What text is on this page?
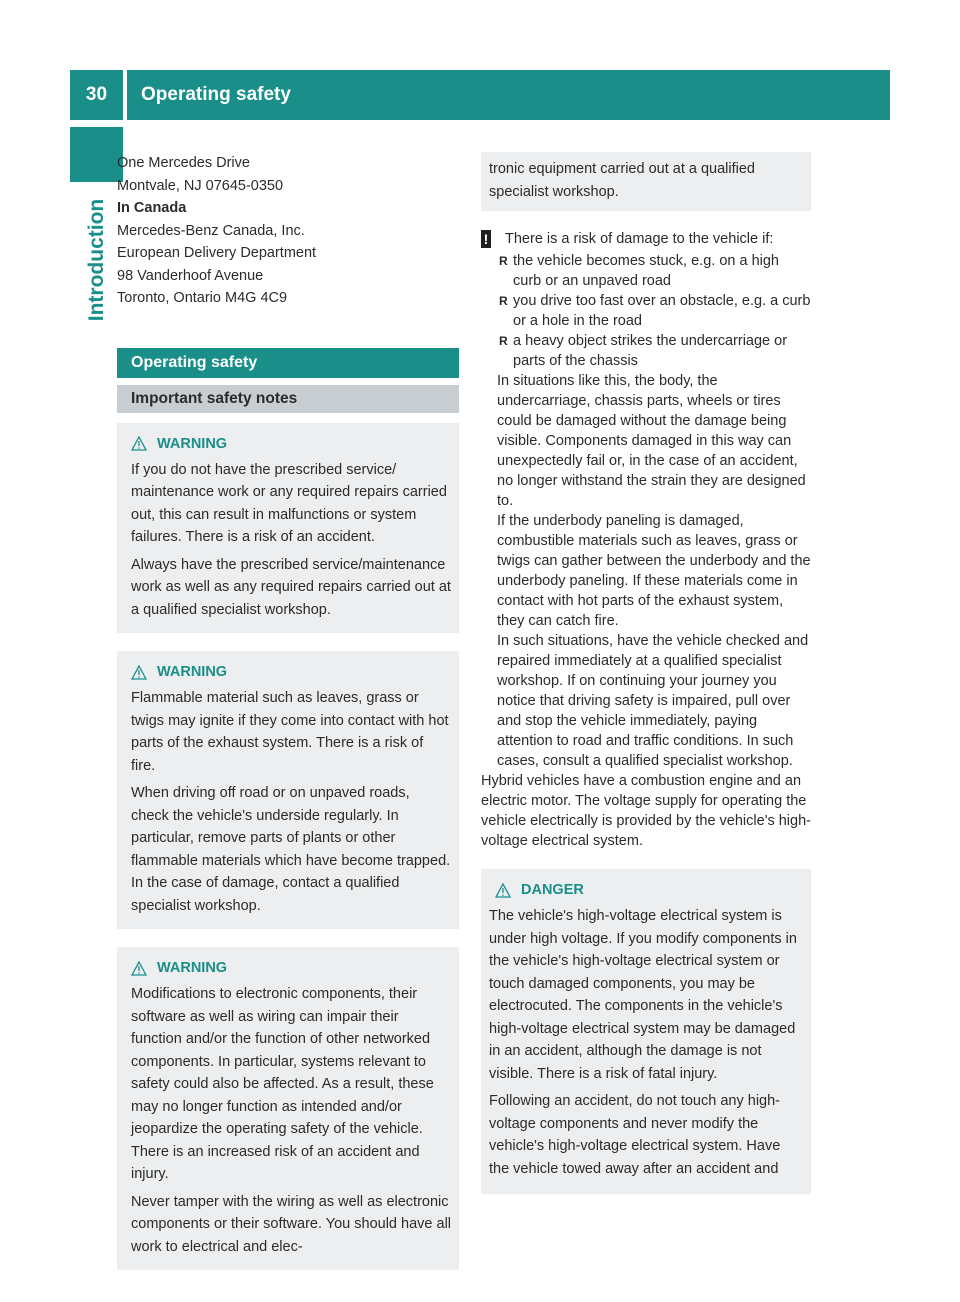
30	Operating safety
Introduction

One Mercedes Drive

Montvale, NJ 07645-0350

In Canada

Mercedes-Benz Canada, Inc.

European Delivery Department

98 Vanderhoof Avenue

Toronto, Ontario M4G 4C9

Operating safety
Important safety notes
WARNING

If you do not have the prescribed service/ maintenance work or any required repairs carried out, this can result in malfunctions or system failures. There is a risk of an accident.

Always have the prescribed service/maintenance work as well as any required repairs carried out at a qualified specialist workshop.

WARNING

Flammable material such as leaves, grass or twigs may ignite if they come into contact with hot parts of the exhaust system. There is a risk of fire.

When driving off road or on unpaved roads, check the vehicle's underside regularly. In particular, remove parts of plants or other flammable materials which have become trapped. In the case of damage, contact a qualified specialist workshop.

WARNING

Modifications to electronic components, their software as well as wiring can impair their function and/or the function of other networked components. In particular, systems relevant to safety could also be affected. As a result, these may no longer function as intended and/or jeopardize the operating safety of the vehicle. There is an increased risk of an accident and injury.

Never tamper with the wiring as well as electronic components or their software. You should have all work to electrical and elec-

tronic equipment carried out at a qualified specialist workshop.

! There is a risk of damage to the vehicle if:
R the vehicle becomes stuck, e.g. on a high curb or an unpaved road
R you drive too fast over an obstacle, e.g. a curb or a hole in the road
R a heavy object strikes the undercarriage or parts of the chassis

In situations like this, the body, the undercarriage, chassis parts, wheels or tires could be damaged without the damage being visible. Components damaged in this way can unexpectedly fail or, in the case of an accident, no longer withstand the strain they are designed to.

If the underbody paneling is damaged, combustible materials such as leaves, grass or twigs can gather between the underbody and the underbody paneling. If these materials come in contact with hot parts of the exhaust system, they can catch fire.

In such situations, have the vehicle checked and repaired immediately at a qualified specialist workshop. If on continuing your journey you notice that driving safety is impaired, pull over and stop the vehicle immediately, paying attention to road and traffic conditions. In such cases, consult a qualified specialist workshop.

Hybrid vehicles have a combustion engine and an electric motor. The voltage supply for operating the vehicle electrically is provided by the vehicle's high-voltage electrical system.

DANGER

The vehicle's high-voltage electrical system is under high voltage. If you modify components in the vehicle's high-voltage electrical system or touch damaged components, you may be electrocuted. The components in the vehicle's high-voltage electrical system may be damaged in an accident, although the damage is not visible. There is a risk of fatal injury.

Following an accident, do not touch any high-voltage components and never modify the vehicle's high-voltage electrical system. Have the vehicle towed away after an accident and
